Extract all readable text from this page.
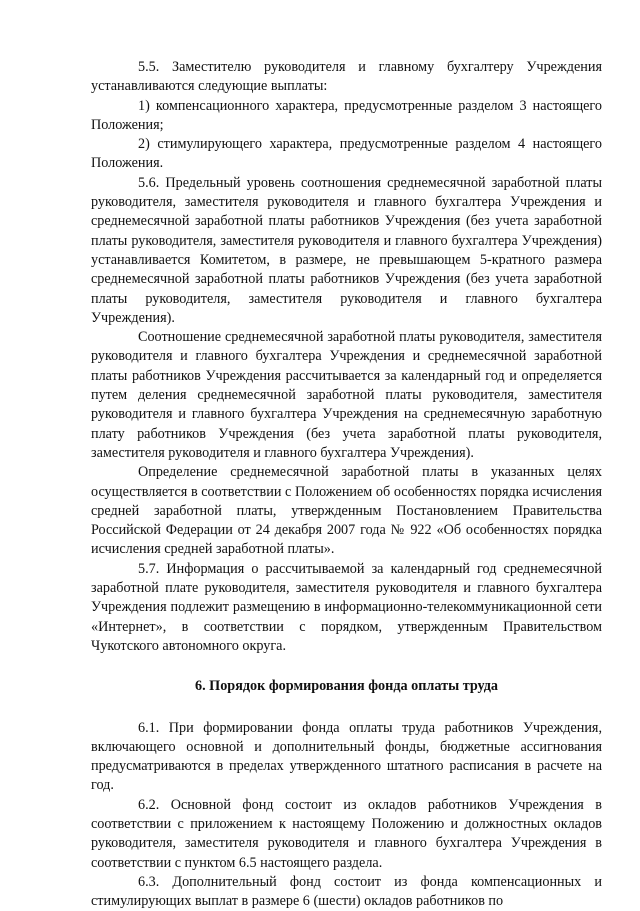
5.5. Заместителю руководителя и главному бухгалтеру Учреждения устанавливаются следующие выплаты:

1) компенсационного характера, предусмотренные разделом 3 настоящего Положения;

2) стимулирующего характера, предусмотренные разделом 4 настоящего Положения.

5.6. Предельный уровень соотношения среднемесячной заработной платы руководителя, заместителя руководителя и главного бухгалтера Учреждения и среднемесячной заработной платы работников Учреждения (без учета заработной платы руководителя, заместителя руководителя и главного бухгалтера Учреждения) устанавливается Комитетом, в размере, не превышающем 5-кратного размера среднемесячной заработной платы работников Учреждения (без учета заработной платы руководителя, заместителя руководителя и главного бухгалтера Учреждения).

Соотношение среднемесячной заработной платы руководителя, заместителя руководителя и главного бухгалтера Учреждения и среднемесячной заработной платы работников Учреждения рассчитывается за календарный год и определяется путем деления среднемесячной заработной платы руководителя, заместителя руководителя и главного бухгалтера Учреждения на среднемесячную заработную плату работников Учреждения (без учета заработной платы руководителя, заместителя руководителя и главного бухгалтера Учреждения).

Определение среднемесячной заработной платы в указанных целях осуществляется в соответствии с Положением об особенностях порядка исчисления средней заработной платы, утвержденным Постановлением Правительства Российской Федерации от 24 декабря 2007 года № 922 «Об особенностях порядка исчисления средней заработной платы».

5.7. Информация о рассчитываемой за календарный год среднемесячной заработной плате руководителя, заместителя руководителя и главного бухгалтера Учреждения подлежит размещению в информационно-телекоммуникационной сети «Интернет», в соответствии с порядком, утвержденным Правительством Чукотского автономного округа.

6. Порядок формирования фонда оплаты труда

6.1. При формировании фонда оплаты труда работников Учреждения, включающего основной и дополнительный фонды, бюджетные ассигнования предусматриваются в пределах утвержденного штатного расписания в расчете на год.

6.2. Основной фонд состоит из окладов работников Учреждения в соответствии с приложением к настоящему Положению и должностных окладов руководителя, заместителя руководителя и главного бухгалтера Учреждения в соответствии с пунктом 6.5 настоящего раздела.

6.3. Дополнительный фонд состоит из фонда компенсационных и стимулирующих выплат в размере 6 (шести) окладов работников по
